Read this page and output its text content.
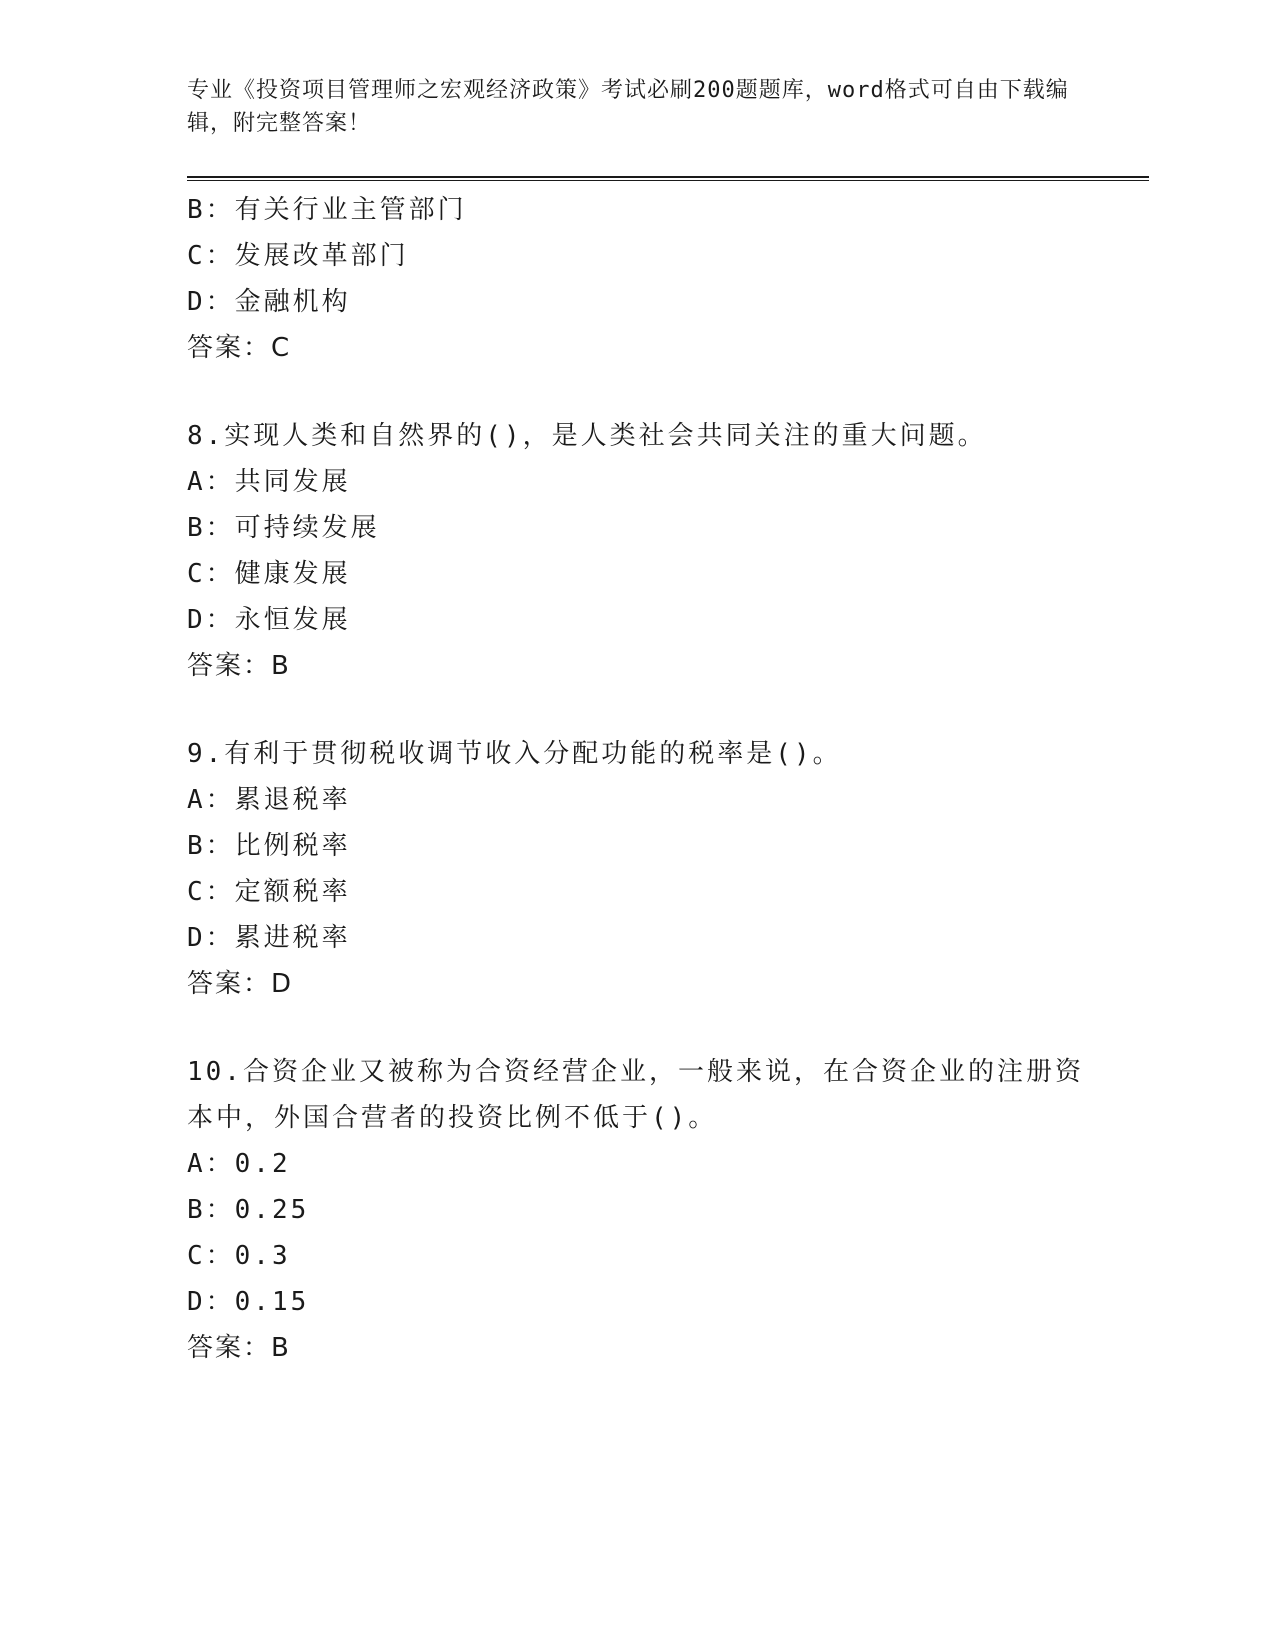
专业《投资项目管理师之宏观经济政策》考试必刷200题题库，word格式可自由下载编辑，附完整答案！

B：有关行业主管部门
C：发展改革部门
D：金融机构
答案：C
8.实现人类和自然界的()，是人类社会共同关注的重大问题。
A：共同发展
B：可持续发展
C：健康发展
D：永恒发展
答案：B
9.有利于贯彻税收调节收入分配功能的税率是()。
A：累退税率
B：比例税率
C：定额税率
D：累进税率
答案：D
10.合资企业又被称为合资经营企业，一般来说，在合资企业的注册资本中，外国合营者的投资比例不低于()。
A：0.2
B：0.25
C：0.3
D：0.15
答案：B
